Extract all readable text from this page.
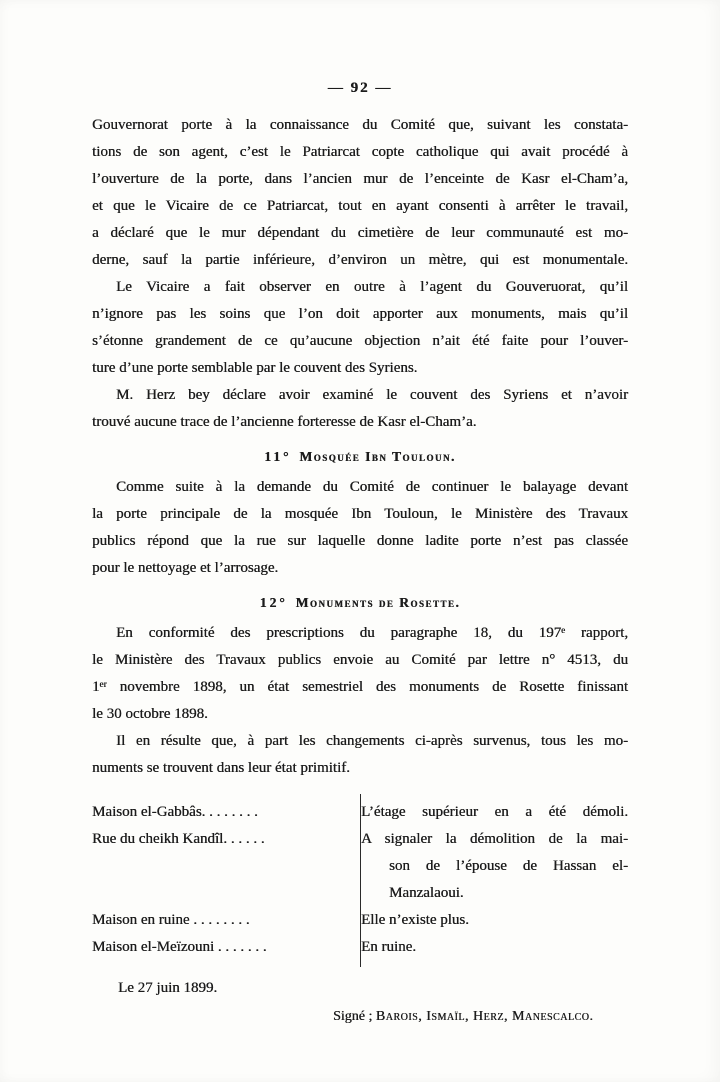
— 92 —
Gouvernorat porte à la connaissance du Comité que, suivant les constata-
tions de son agent, c’est le Patriarcat copte catholique qui avait procédé à
l’ouverture de la porte, dans l’ancien mur de l’enceinte de Kasr el-Cham’a,
et que le Vicaire de ce Patriarcat, tout en ayant consenti à arrêter le travail,
a déclaré que le mur dépendant du cimetière de leur communauté est mo-
derne, sauf la partie inférieure, d’environ un mètre, qui est monumentale.
Le Vicaire a fait observer en outre à l’agent du Gouveruorat, qu’il
n’ignore pas les soins que l’on doit apporter aux monuments, mais qu’il
s’étonne grandement de ce qu’aucune objection n’ait été faite pour l’ouver-
ture d’une porte semblable par le couvent des Syriens.
M. Herz bey déclare avoir examiné le couvent des Syriens et n’avoir
trouvé aucune trace de l’ancienne forteresse de Kasr el-Cham’a.
11° Mosquée Ibn Touloun.
Comme suite à la demande du Comité de continuer le balayage devant
la porte principale de la mosquée Ibn Touloun, le Ministère des Travaux
publics répond que la rue sur laquelle donne ladite porte n’est pas classée
pour le nettoyage et l’arrosage.
12° Monuments de Rosette.
En conformité des prescriptions du paragraphe 18, du 197ᵉ rapport,
le Ministère des Travaux publics envoie au Comité par lettre n° 4513, du
1ᵉʳ novembre 1898, un état semestriel des monuments de Rosette finissant
le 30 octobre 1898.
Il en résulte que, à part les changements ci-après survenus, tous les mo-
numents se trouvent dans leur état primitif.
Maison el-Gabbâs. . . . . . . .	L’étage supérieur en a été démoli.

Rue du cheikh Kandîl. . . . . .	A signaler la démolition de la mai-
son de l’épouse de Hassan el-
Manzalaoui.

Maison en ruine . . . . . . . .	Elle n’existe plus.

Maison el-Meïzouni . . . . . . .	En ruine.
Le 27 juin 1899.
Signé ; Barois, Ismaïl, Herz, Manescalco.
